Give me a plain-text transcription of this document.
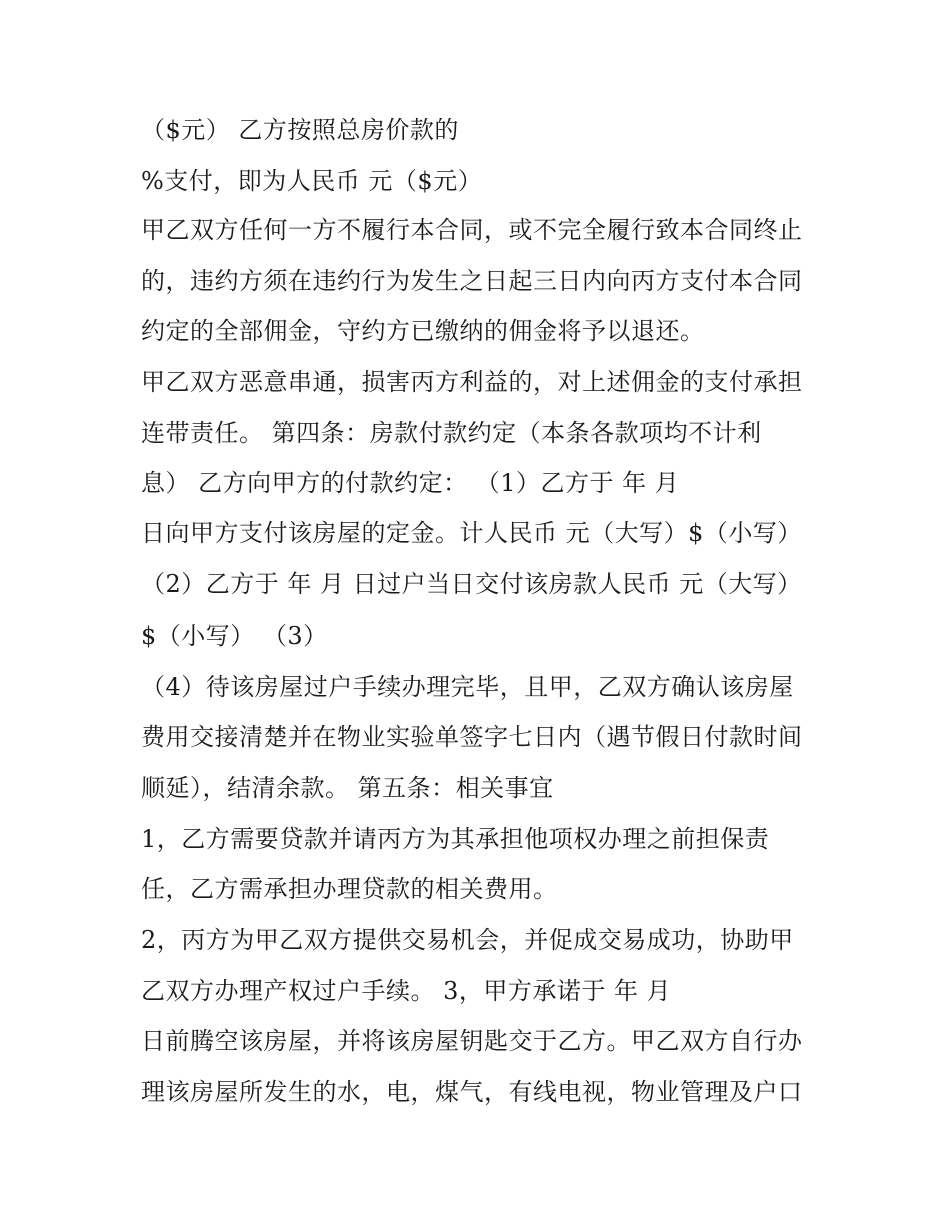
（$元） 乙方按照总房价款的
%支付，即为人民币 元（$元）
甲乙双方任何一方不履行本合同，或不完全履行致本合同终止
的，违约方须在违约行为发生之日起三日内向丙方支付本合同
约定的全部佣金，守约方已缴纳的佣金将予以退还。
甲乙双方恶意串通，损害丙方利益的，对上述佣金的支付承担
连带责任。 第四条：房款付款约定（本条各款项均不计利
息） 乙方向甲方的付款约定： （1）乙方于 年 月
日向甲方支付该房屋的定金。计人民币 元（大写）$（小写）
（2）乙方于 年 月 日过户当日交付该房款人民币 元（大写）
$（小写） （3）
（4）待该房屋过户手续办理完毕，且甲，乙双方确认该房屋
费用交接清楚并在物业实验单签字七日内（遇节假日付款时间
顺延），结清余款。 第五条：相关事宜
1，乙方需要贷款并请丙方为其承担他项权办理之前担保责
任，乙方需承担办理贷款的相关费用。
2，丙方为甲乙双方提供交易机会，并促成交易成功，协助甲
乙双方办理产权过户手续。 3，甲方承诺于 年 月
日前腾空该房屋，并将该房屋钥匙交于乙方。甲乙双方自行办
理该房屋所发生的水，电，煤气，有线电视，物业管理及户口
